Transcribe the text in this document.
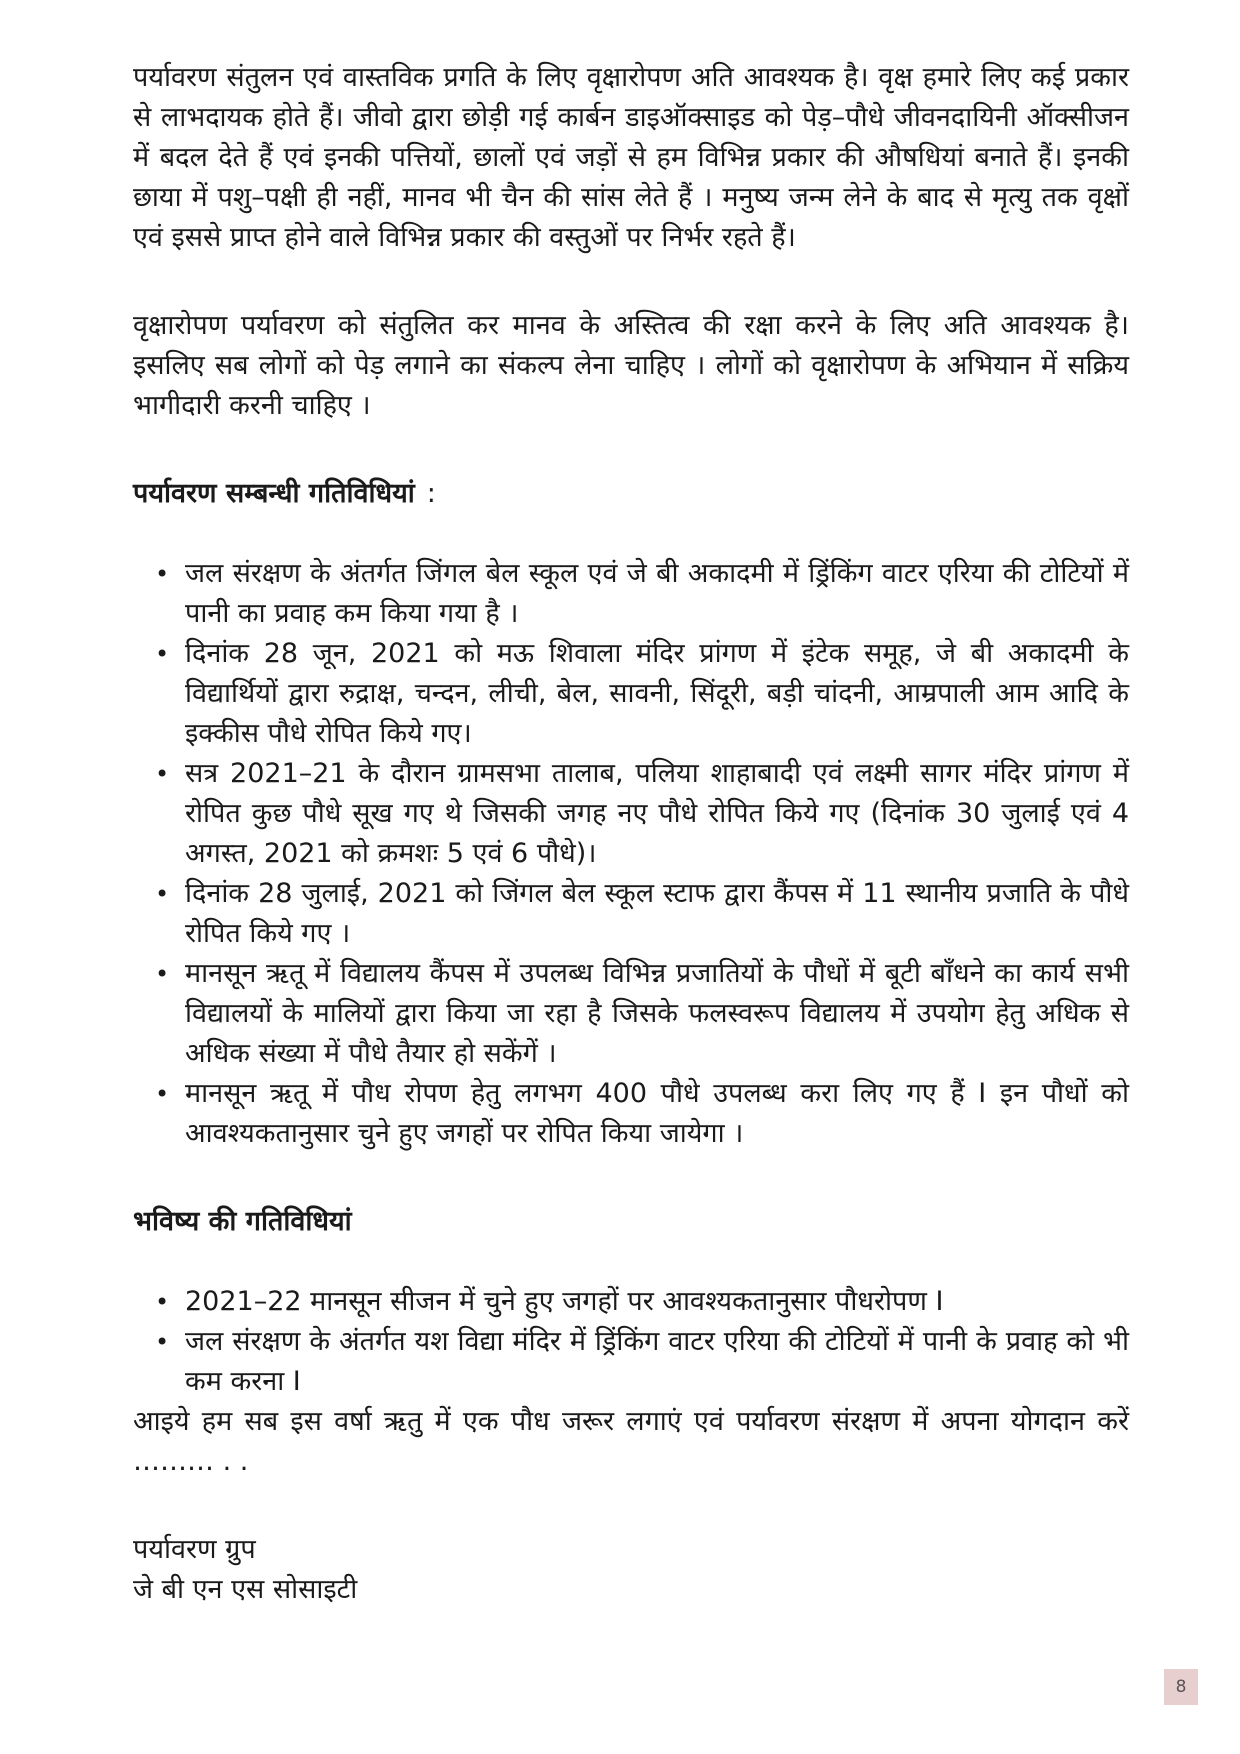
पर्यावरण संतुलन एवं वास्तविक प्रगति के लिए वृक्षारोपण अति आवश्यक है। वृक्ष हमारे लिए कई प्रकार से लाभदायक होते हैं। जीवो द्वारा छोड़ी गई कार्बन डाइऑक्साइड को पेड़–पौधे जीवनदायिनी ऑक्सीजन में बदल देते हैं एवं इनकी पत्तियों, छालों एवं जड़ों से हम विभिन्न प्रकार की औषधियां बनाते हैं। इनकी छाया में पशु–पक्षी ही नहीं, मानव भी चैन की सांस लेते हैं । मनुष्य जन्म लेने के बाद से मृत्यु तक वृक्षों एवं इससे प्राप्त होने वाले विभिन्न प्रकार की वस्तुओं पर निर्भर रहते हैं।

वृक्षारोपण पर्यावरण को संतुलित कर मानव के अस्तित्व की रक्षा करने के लिए अति आवश्यक है। इसलिए सब लोगों को पेड़ लगाने का संकल्प लेना चाहिए । लोगों को वृक्षारोपण के अभियान में सक्रिय भागीदारी करनी चाहिए ।

पर्यावरण सम्बन्धी गतिविधियां :

• जल संरक्षण के अंतर्गत जिंगल बेल स्कूल एवं जे बी अकादमी में ड्रिंकिंग वाटर एरिया की टोटियों में पानी का प्रवाह कम किया गया है ।
• दिनांक 28 जून, 2021 को मऊ शिवाला मंदिर प्रांगण में इंटेक समूह, जे बी अकादमी के विद्यार्थियों द्वारा रुद्राक्ष, चन्दन, लीची, बेल, सावनी, सिंदूरी, बड़ी चांदनी, आम्रपाली आम आदि के इक्कीस पौधे रोपित किये गए।
• सत्र 2021–21 के दौरान ग्रामसभा तालाब, पलिया शाहाबादी एवं लक्ष्मी सागर मंदिर प्रांगण में रोपित कुछ पौधे सूख गए थे जिसकी जगह नए पौधे रोपित किये गए (दिनांक 30 जुलाई एवं 4 अगस्त, 2021 को क्रमशः 5 एवं 6 पौधे)।
• दिनांक 28 जुलाई, 2021 को जिंगल बेल स्कूल स्टाफ द्वारा कैंपस में 11 स्थानीय प्रजाति के पौधे रोपित किये गए ।
• मानसून ऋतू में विद्यालय कैंपस में उपलब्ध विभिन्न प्रजातियों के पौधों में बूटी बाँधने का कार्य सभी विद्यालयों के मालियों द्वारा किया जा रहा है जिसके फलस्वरूप विद्यालय में उपयोग हेतु अधिक से अधिक संख्या में पौधे तैयार हो सकेंगें ।
• मानसून ऋतू में पौध रोपण हेतु लगभग 400 पौधे उपलब्ध करा लिए गए हैं I इन पौधों को आवश्यकतानुसार चुने हुए जगहों पर रोपित किया जायेगा ।

भविष्य की गतिविधियां

• 2021–22 मानसून सीजन में चुने हुए जगहों पर आवश्यकतानुसार पौधरोपण I
• जल संरक्षण के अंतर्गत यश विद्या मंदिर में ड्रिंकिंग वाटर एरिया की टोटियों में पानी के प्रवाह को भी कम करना I

आइये हम सब इस वर्षा ऋतु में एक पौध जरूर लगाएं एवं पर्यावरण संरक्षण में अपना योगदान करें ……… . .

पर्यावरण ग्रुप

जे बी एन एस सोसाइटी

8
